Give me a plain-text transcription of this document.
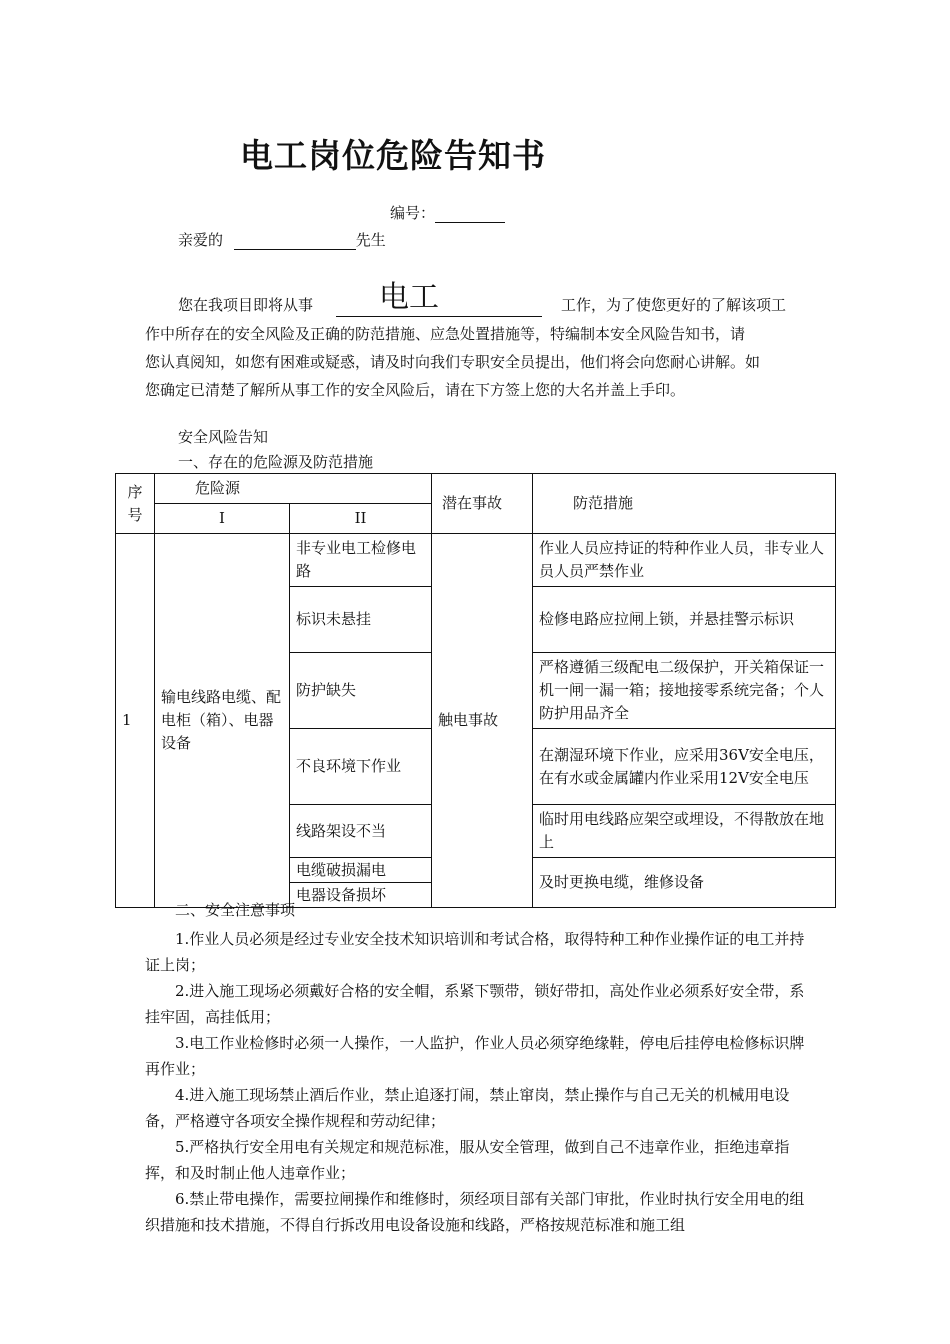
电工岗位危险告知书
编号：
亲爱的	先生
您在我项目即将从事	电工	工作，为了使您更好的了解该项工
作中所存在的安全风险及正确的防范措施、应急处置措施等，特编制本安全风险告知书，请
您认真阅知，如您有困难或疑惑，请及时向我们专职安全员提出，他们将会向您耐心讲解。如
您确定已清楚了解所从事工作的安全风险后，请在下方签上您的大名并盖上手印。
安全风险告知
一、存在的危险源及防范措施
序号	危险源		潜在事故	防范措施
	I	II		
1	输电线路电缆、配电柜（箱）、电器设备	非专业电工检修电路	触电事故	作业人员应持证的特种作业人员，非专业人员人员严禁作业
		标识未悬挂		检修电路应拉闸上锁，并悬挂警示标识
		防护缺失		严格遵循三级配电二级保护，开关箱保证一机一闸一漏一箱；接地接零系统完备；个人防护用品齐全
		不良环境下作业		在潮湿环境下作业，应采用36V安全电压，在有水或金属罐内作业采用12V安全电压
		线路架设不当		临时用电线路应架空或埋设，不得散放在地上
		电缆破损漏电		及时更换电缆，维修设备
		电器设备损坏		

二、安全注意事项

1.作业人员必须是经过专业安全技术知识培训和考试合格，取得特种工种作业操作证的电工并持证上岗；

2.进入施工现场必须戴好合格的安全帽，系紧下颚带，锁好带扣，高处作业必须系好安全带，系挂牢固，高挂低用；

3.电工作业检修时必须一人操作，一人监护，作业人员必须穿绝缘鞋，停电后挂停电检修标识牌再作业；

4.进入施工现场禁止酒后作业，禁止追逐打闹，禁止窜岗，禁止操作与自己无关的机械用电设备，严格遵守各项安全操作规程和劳动纪律；

5.严格执行安全用电有关规定和规范标准，服从安全管理，做到自己不违章作业，拒绝违章指挥，和及时制止他人违章作业；

6.禁止带电操作，需要拉闸操作和维修时，须经项目部有关部门审批，作业时执行安全用电的组织措施和技术措施，不得自行拆改用电设备设施和线路，严格按规范标准和施工组
